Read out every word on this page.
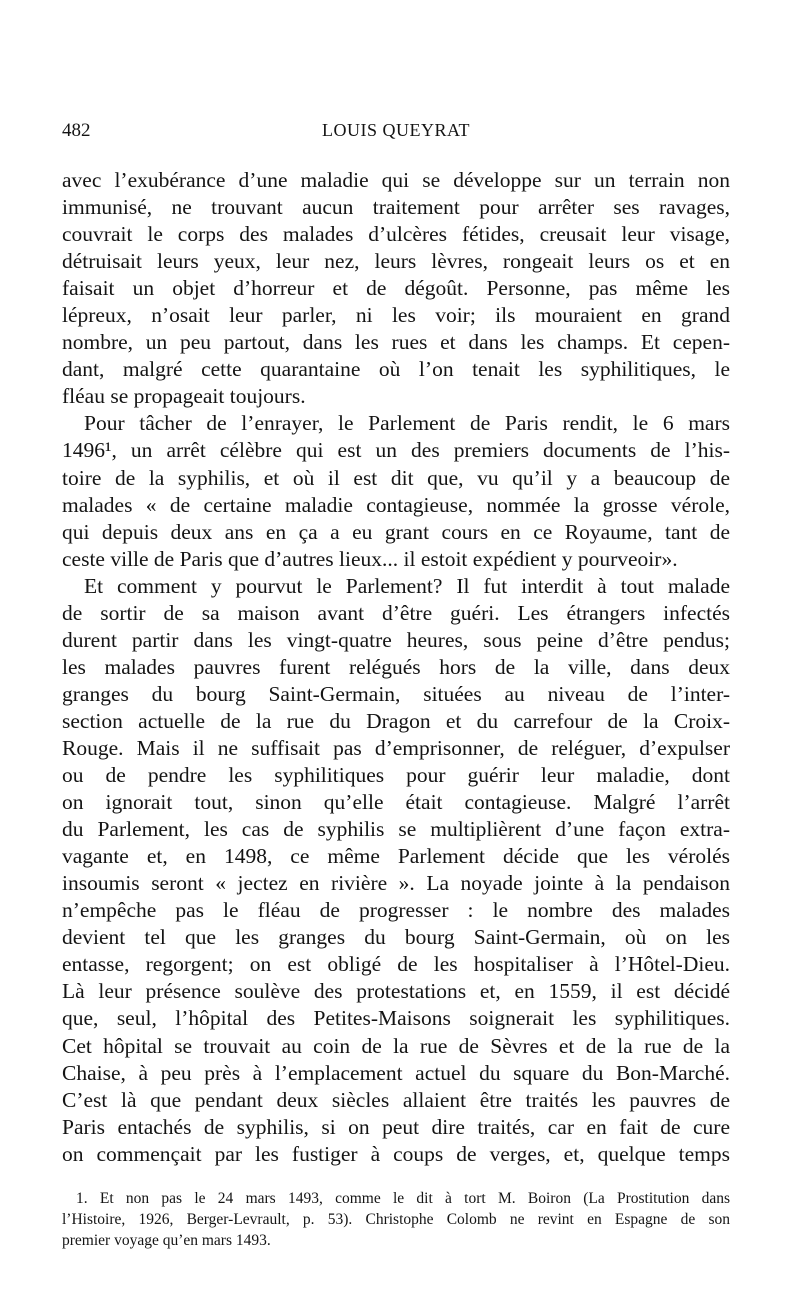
482	LOUIS QUEYRAT
avec l’exubérance d’une maladie qui se développe sur un terrain non
immunisé, ne trouvant aucun traitement pour arrêter ses ravages,
couvrait le corps des malades d’ulcères fétides, creusait leur visage,
détruisait leurs yeux, leur nez, leurs lèvres, rongeait leurs os et en
faisait un objet d’horreur et de dégoût. Personne, pas même les
lépreux, n’osait leur parler, ni les voir; ils mouraient en grand
nombre, un peu partout, dans les rues et dans les champs. Et cepen-
dant, malgré cette quarantaine où l’on tenait les syphilitiques, le
fléau se propageait toujours.
Pour tâcher de l’enrayer, le Parlement de Paris rendit, le 6 mars
1496¹, un arrêt célèbre qui est un des premiers documents de l’his-
toire de la syphilis, et où il est dit que, vu qu’il y a beaucoup de
malades « de certaine maladie contagieuse, nommée la grosse vérole,
qui depuis deux ans en ça a eu grant cours en ce Royaume, tant de
ceste ville de Paris que d’autres lieux... il estoit expédient y pourveoir».
Et comment y pourvut le Parlement? Il fut interdit à tout malade
de sortir de sa maison avant d’être guéri. Les étrangers infectés
durent partir dans les vingt-quatre heures, sous peine d’être pendus;
les malades pauvres furent relégués hors de la ville, dans deux
granges du bourg Saint-Germain, situées au niveau de l’inter-
section actuelle de la rue du Dragon et du carrefour de la Croix-
Rouge. Mais il ne suffisait pas d’emprisonner, de reléguer, d’expulser
ou de pendre les syphilitiques pour guérir leur maladie, dont
on ignorait tout, sinon qu’elle était contagieuse. Malgré l’arrêt
du Parlement, les cas de syphilis se multiplièrent d’une façon extra-
vagante et, en 1498, ce même Parlement décide que les vérolés
insoumis seront « jectez en rivière ». La noyade jointe à la pendaison
n’empêche pas le fléau de progresser : le nombre des malades
devient tel que les granges du bourg Saint-Germain, où on les
entasse, regorgent; on est obligé de les hospitaliser à l’Hôtel-Dieu.
Là leur présence soulève des protestations et, en 1559, il est décidé
que, seul, l’hôpital des Petites-Maisons soignerait les syphilitiques.
Cet hôpital se trouvait au coin de la rue de Sèvres et de la rue de la
Chaise, à peu près à l’emplacement actuel du square du Bon-Marché.
C’est là que pendant deux siècles allaient être traités les pauvres de
Paris entachés de syphilis, si on peut dire traités, car en fait de cure
on commençait par les fustiger à coups de verges, et, quelque temps
1. Et non pas le 24 mars 1493, comme le dit à tort M. Boiron (La Prostitution dans
l’Histoire, 1926, Berger-Levrault, p. 53). Christophe Colomb ne revint en Espagne de son
premier voyage qu’en mars 1493.
